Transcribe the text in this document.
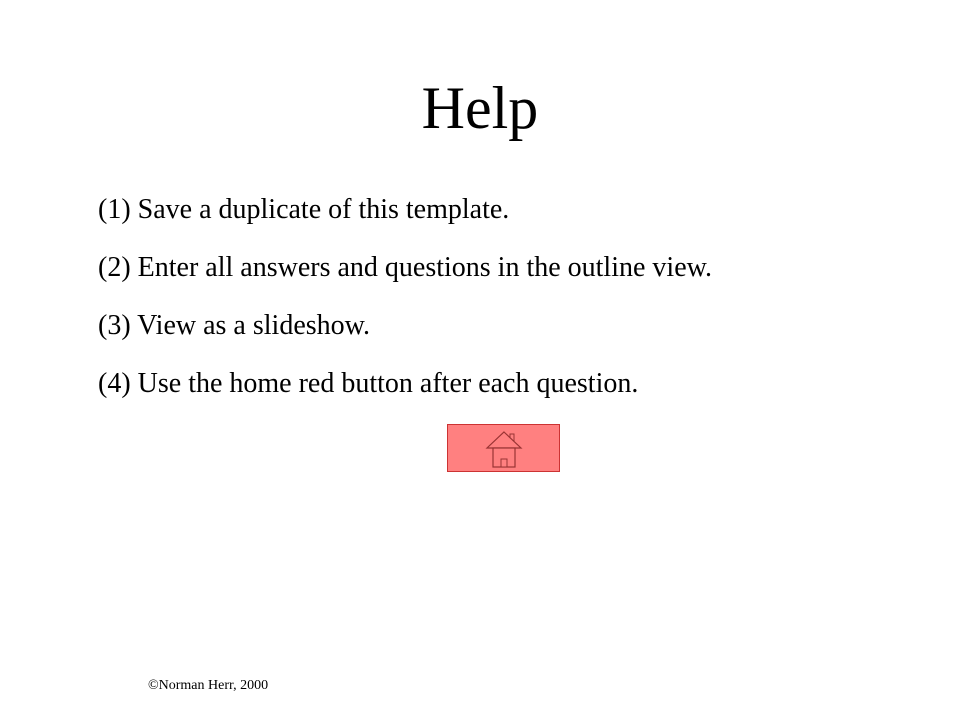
Help
(1) Save a duplicate of this template.
(2) Enter all answers and questions in the outline view.
(3) View as a slideshow.
(4) Use the home red button after each question.
©Norman Herr, 2000
